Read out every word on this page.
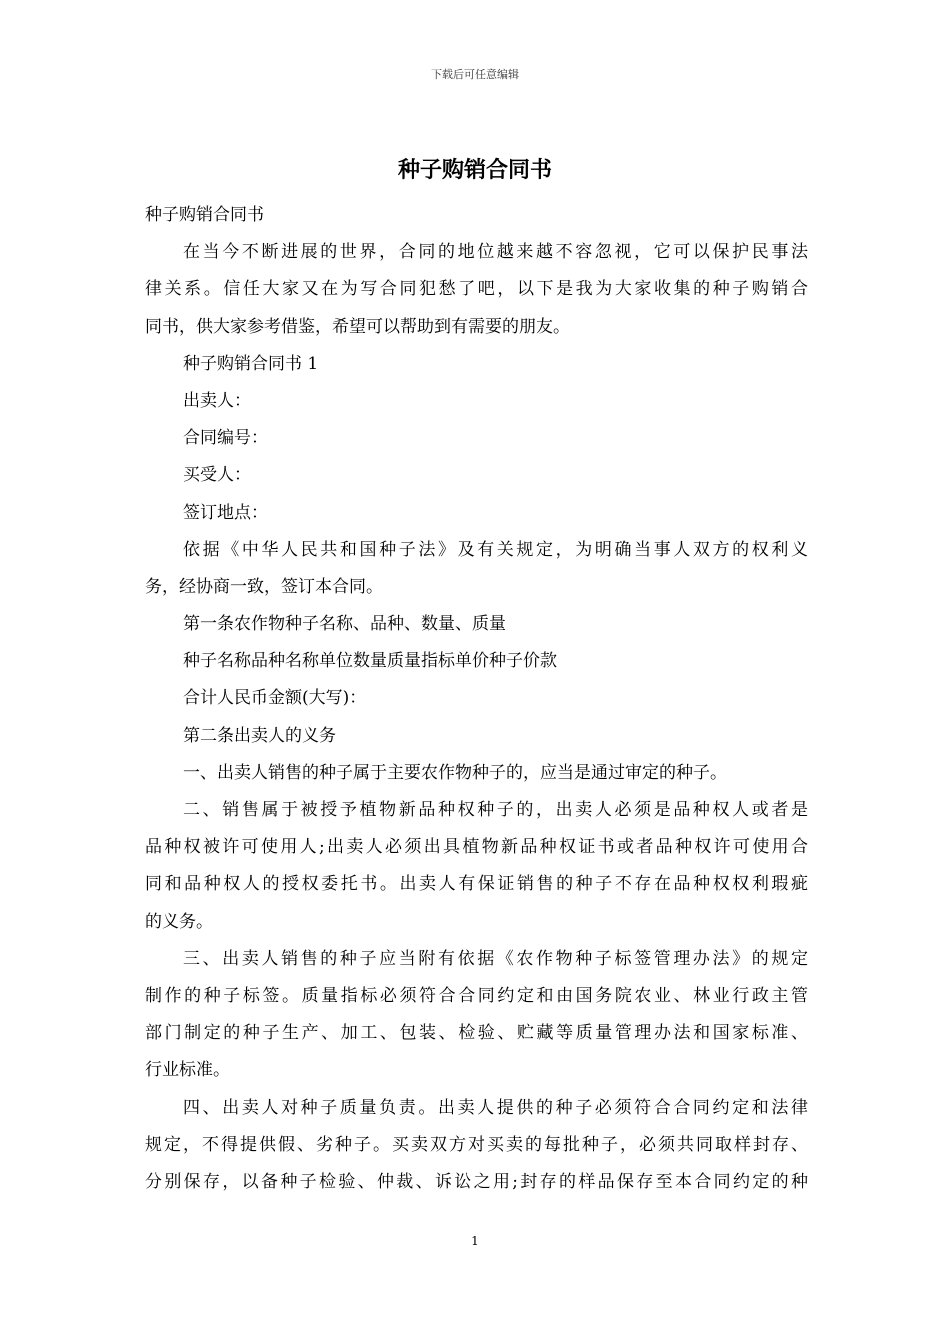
下载后可任意编辑
种子购销合同书
种子购销合同书
在当今不断进展的世界，合同的地位越来越不容忽视，它可以保护民事法
律关系。信任大家又在为写合同犯愁了吧，以下是我为大家收集的种子购销合
同书，供大家参考借鉴，希望可以帮助到有需要的朋友。
种子购销合同书 1
出卖人：
合同编号：
买受人：
签订地点：
依据《中华人民共和国种子法》及有关规定，为明确当事人双方的权利义
务，经协商一致，签订本合同。
第一条农作物种子名称、品种、数量、质量
种子名称品种名称单位数量质量指标单价种子价款
合计人民币金额(大写)：
第二条出卖人的义务
一、出卖人销售的种子属于主要农作物种子的，应当是通过审定的种子。
二、销售属于被授予植物新品种权种子的，出卖人必须是品种权人或者是
品种权被许可使用人;出卖人必须出具植物新品种权证书或者品种权许可使用合
同和品种权人的授权委托书。出卖人有保证销售的种子不存在品种权权利瑕疵
的义务。
三、出卖人销售的种子应当附有依据《农作物种子标签管理办法》的规定
制作的种子标签。质量指标必须符合合同约定和由国务院农业、林业行政主管
部门制定的种子生产、加工、包装、检验、贮藏等质量管理办法和国家标准、
行业标准。
四、出卖人对种子质量负责。出卖人提供的种子必须符合合同约定和法律
规定，不得提供假、劣种子。买卖双方对买卖的每批种子，必须共同取样封存、
分别保存，以备种子检验、仲裁、诉讼之用;封存的样品保存至本合同约定的种
1
